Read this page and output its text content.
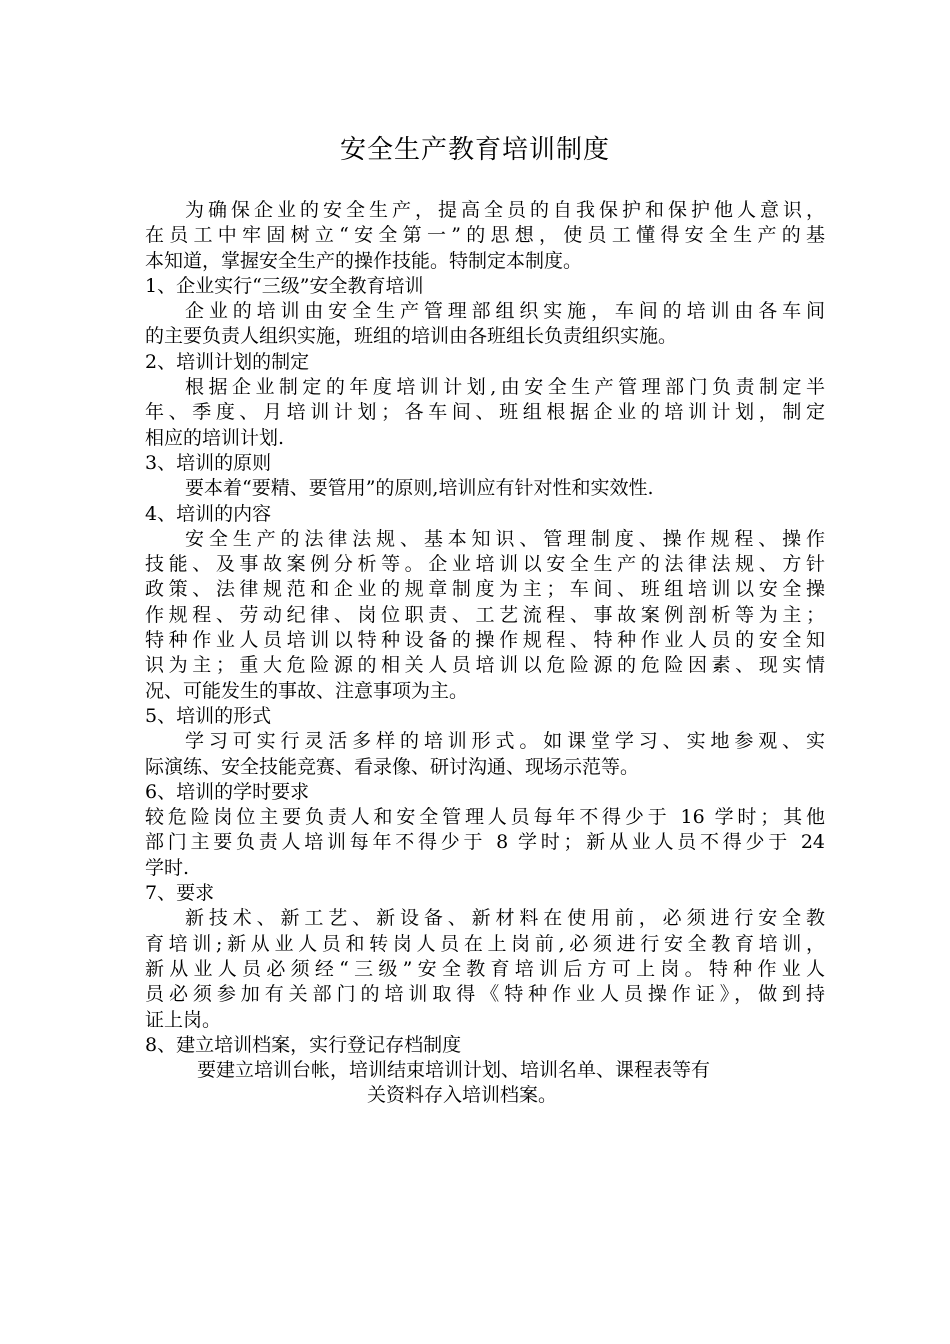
安全生产教育培训制度
为确保企业的安全生产，提高全员的自我保护和保护他人意识，
在员工中牢固树立“安全第一”的思想，使员工懂得安全生产的基
本知道，掌握安全生产的操作技能。特制定本制度。
1、企业实行“三级”安全教育培训
企业的培训由安全生产管理部组织实施，车间的培训由各车间
的主要负责人组织实施，班组的培训由各班组长负责组织实施。
2、培训计划的制定
根据企业制定的年度培训计划,由安全生产管理部门负责制定半
年、季度、月培训计划；各车间、班组根据企业的培训计划，制定
相应的培训计划.
3、培训的原则
要本着“要精、要管用”的原则,培训应有针对性和实效性.
4、培训的内容
安全生产的法律法规、基本知识、管理制度、操作规程、操作
技能、及事故案例分析等。企业培训以安全生产的法律法规、方针
政策、法律规范和企业的规章制度为主；车间、班组培训以安全操
作规程、劳动纪律、岗位职责、工艺流程、事故案例剖析等为主；
特种作业人员培训以特种设备的操作规程、特种作业人员的安全知
识为主；重大危险源的相关人员培训以危险源的危险因素、现实情
况、可能发生的事故、注意事项为主。
5、培训的形式
学习可实行灵活多样的培训形式。如课堂学习、实地参观、实
际演练、安全技能竞赛、看录像、研讨沟通、现场示范等。
6、培训的学时要求
较危险岗位主要负责人和安全管理人员每年不得少于 16 学时；其他
部门主要负责人培训每年不得少于 8 学时；新从业人员不得少于 24
学时.
7、要求
新技术、新工艺、新设备、新材料在使用前，必须进行安全教
育培训;新从业人员和转岗人员在上岗前,必须进行安全教育培训，
新从业人员必须经“三级”安全教育培训后方可上岗。特种作业人
员必须参加有关部门的培训取得《特种作业人员操作证》，做到持
证上岗。
8、建立培训档案，实行登记存档制度
要建立培训台帐，培训结束培训计划、培训名单、课程表等有
关资料存入培训档案。
